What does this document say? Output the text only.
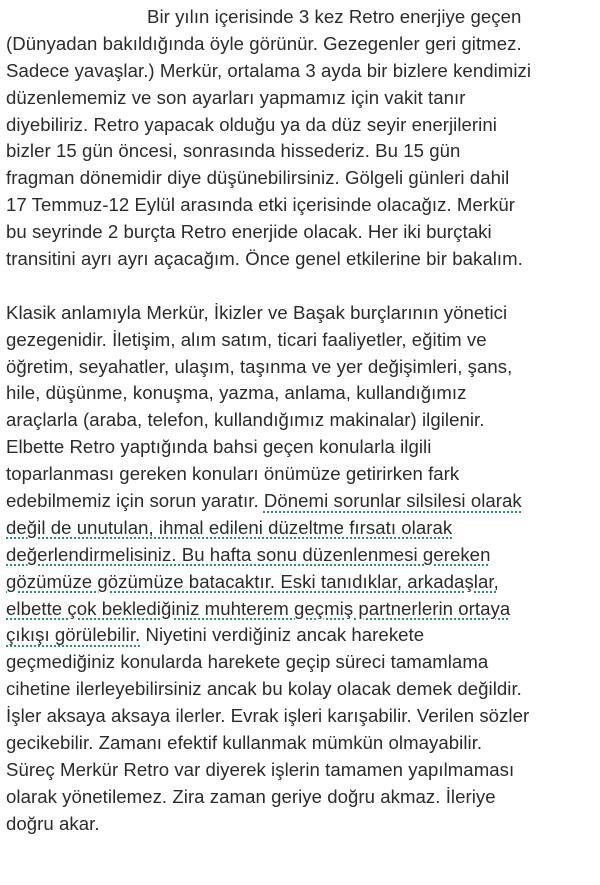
Bir yılın içerisinde 3 kez Retro enerjiye geçen
(Dünyadan bakıldığında öyle görünür. Gezegenler geri gitmez.
Sadece yavaşlar.) Merkür, ortalama 3 ayda bir bizlere kendimizi
düzenlememiz ve son ayarları yapmamız için vakit tanır
diyebiliriz. Retro yapacak olduğu ya da düz seyir enerjilerini
bizler 15 gün öncesi, sonrasında hissederiz. Bu 15 gün
fragman dönemidir diye düşünebilirsiniz. Gölgeli günleri dahil
17 Temmuz-12 Eylül arasında etki içerisinde olacağız. Merkür
bu seyrinde 2 burçta Retro enerjide olacak. Her iki burçtaki
transitini ayrı ayrı açacağım. Önce genel etkilerine bir bakalım.
Klasik anlamıyla Merkür, İkizler ve Başak burçlarının yönetici
gezegenidir. İletişim, alım satım, ticari faaliyetler, eğitim ve
öğretim, seyahatler, ulaşım, taşınma ve yer değişimleri, şans,
hile, düşünme, konuşma, yazma, anlama, kullandığımız
araçlarla (araba, telefon, kullandığımız makinalar) ilgilenir.
Elbette Retro yaptığında bahsi geçen konularla ilgili
toparlanması gereken konuları önümüze getirirken fark
edebilmemiz için sorun yaratır. Dönemi sorunlar silsilesi olarak
değil de unutulan, ihmal edileni düzeltme fırsatı olarak
değerlendirmelisiniz. Bu hafta sonu düzenlenmesi gereken
gözümüze gözümüze batacaktır. Eski tanıdıklar, arkadaşlar,
elbette çok beklediğiniz muhterem geçmiş partnerlerin ortaya
çıkışı görülebilir. Niyetini verdiğiniz ancak harekete
geçmediğiniz konularda harekete geçip süreci tamamlama
cihetine ilerleyebilirsiniz ancak bu kolay olacak demek değildir.
İşler aksaya aksaya ilerler. Evrak işleri karışabilir. Verilen sözler
gecikebilir. Zamanı efektif kullanmak mümkün olmayabilir.
Süreç Merkür Retro var diyerek işlerin tamamen yapılmaması
olarak yönetilemez. Zira zaman geriye doğru akmaz. İleriye
doğru akar.
